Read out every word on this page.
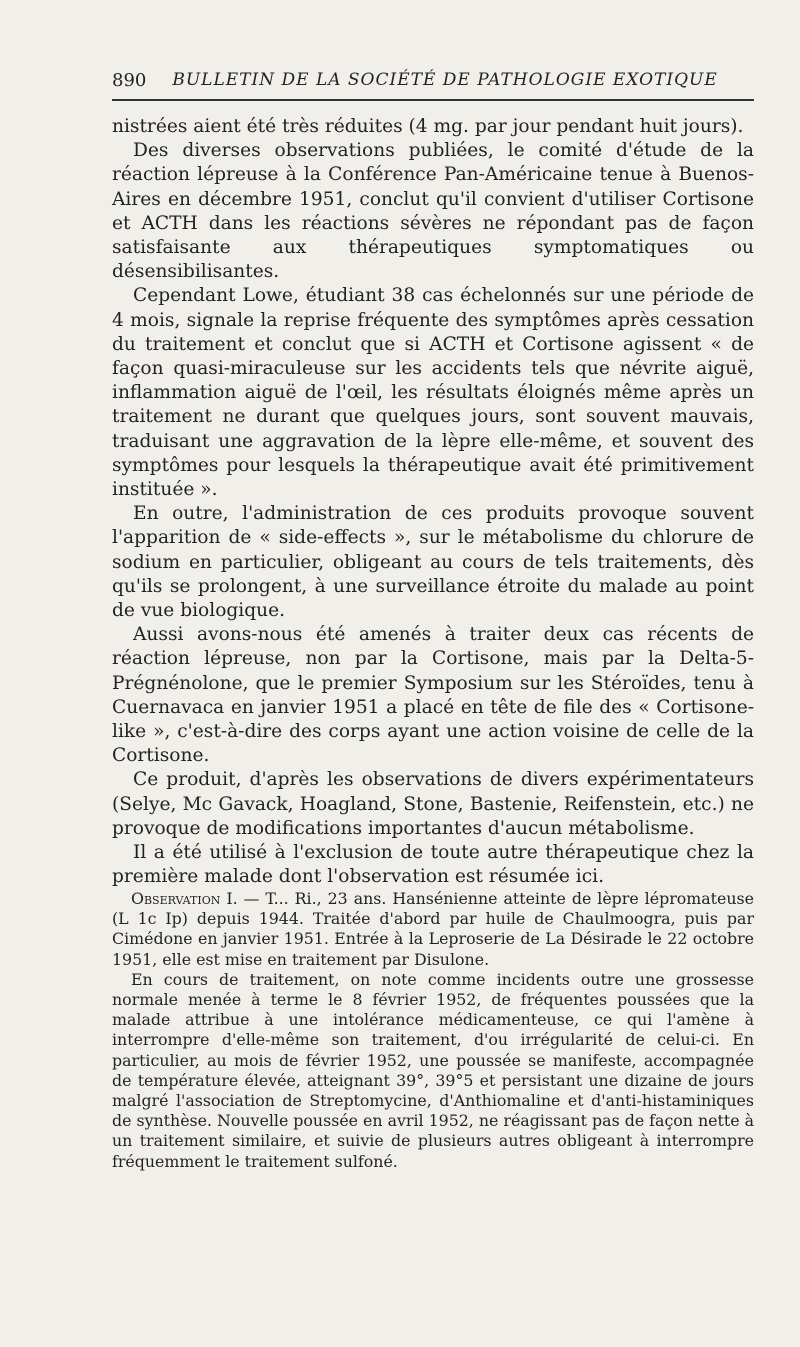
890 BULLETIN DE LA SOCIÉTÉ DE PATHOLOGIE EXOTIQUE

nistrées aient été très réduites (4 mg. par jour pendant huit jours).

Des diverses observations publiées, le comité d'étude de la réaction lépreuse à la Conférence Pan-Américaine tenue à Buenos-Aires en décembre 1951, conclut qu'il convient d'utiliser Cortisone et ACTH dans les réactions sévères ne répondant pas de façon satisfaisante aux thérapeutiques symptomatiques ou désensibilisantes.

Cependant Lowe, étudiant 38 cas échelonnés sur une période de 4 mois, signale la reprise fréquente des symptômes après cessation du traitement et conclut que si ACTH et Cortisone agissent « de façon quasi-miraculeuse sur les accidents tels que névrite aiguë, inflammation aiguë de l'œil, les résultats éloignés même après un traitement ne durant que quelques jours, sont souvent mauvais, traduisant une aggravation de la lèpre elle-même, et souvent des symptômes pour lesquels la thérapeutique avait été primitivement instituée ».

En outre, l'administration de ces produits provoque souvent l'apparition de « side-effects », sur le métabolisme du chlorure de sodium en particulier, obligeant au cours de tels traitements, dès qu'ils se prolongent, à une surveillance étroite du malade au point de vue biologique.

Aussi avons-nous été amenés à traiter deux cas récents de réaction lépreuse, non par la Cortisone, mais par la Delta-5-Prégnénolone, que le premier Symposium sur les Stéroïdes, tenu à Cuernavaca en janvier 1951 a placé en tête de file des « Cortisone-like », c'est-à-dire des corps ayant une action voisine de celle de la Cortisone.

Ce produit, d'après les observations de divers expérimentateurs (Selye, Mc Gavack, Hoagland, Stone, Bastenie, Reifenstein, etc.) ne provoque de modifications importantes d'aucun métabolisme.

Il a été utilisé à l'exclusion de toute autre thérapeutique chez la première malade dont l'observation est résumée ici.

Observation I. — T... Ri., 23 ans. Hansénienne atteinte de lèpre lépromateuse (L 1c Ip) depuis 1944. Traitée d'abord par huile de Chaulmoogra, puis par Cimédone en janvier 1951. Entrée à la Leproserie de La Désirade le 22 octobre 1951, elle est mise en traitement par Disulone.

En cours de traitement, on note comme incidents outre une grossesse normale menée à terme le 8 février 1952, de fréquentes poussées que la malade attribue à une intolérance médicamenteuse, ce qui l'amène à interrompre d'elle-même son traitement, d'ou irrégularité de celui-ci. En particulier, au mois de février 1952, une poussée se manifeste, accompagnée de température élevée, atteignant 39°, 39°5 et persistant une dizaine de jours malgré l'association de Streptomycine, d'Anthiomaline et d'anti-histaminiques de synthèse. Nouvelle poussée en avril 1952, ne réagissant pas de façon nette à un traitement similaire, et suivie de plusieurs autres obligeant à interrompre fréquemment le traitement sulfoné.
